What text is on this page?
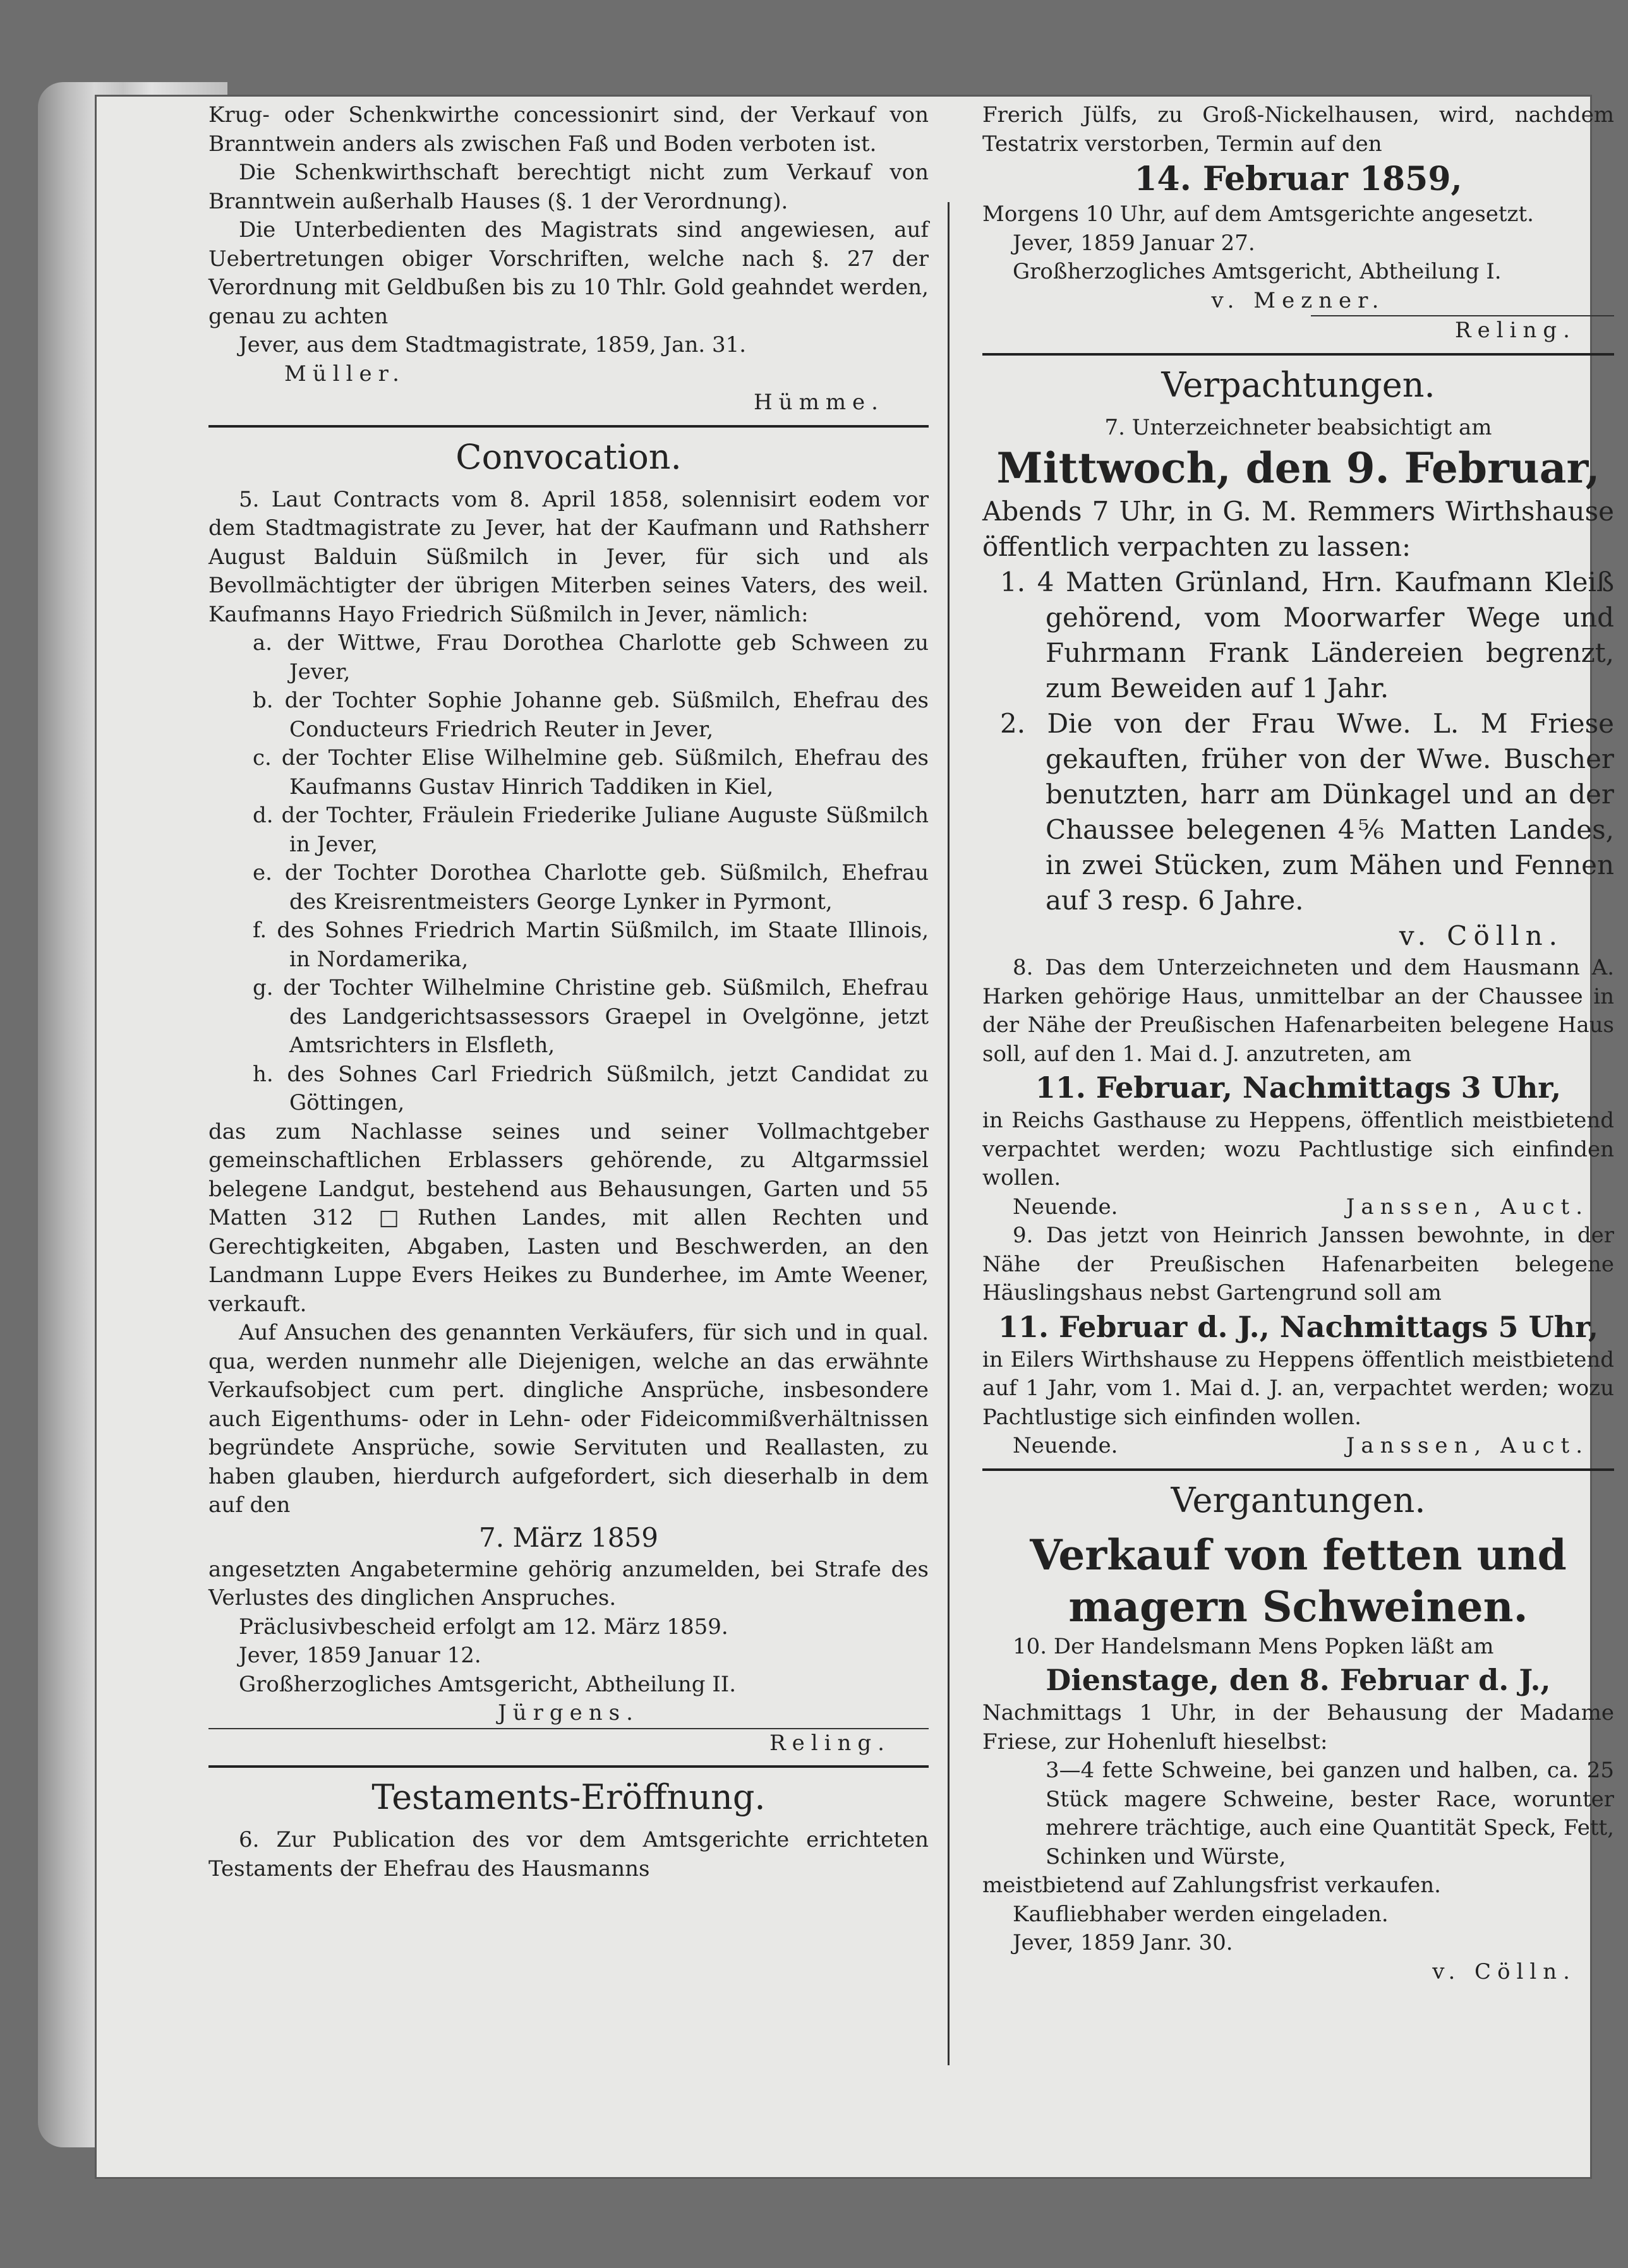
Krug- oder Schenkwirthe concessionirt sind, der Verkauf von Branntwein anders als zwischen Faß und Boden verboten ist.

Die Schenkwirthschaft berechtigt nicht zum Verkauf von Branntwein außerhalb Hauses (§. 1 der Verordnung).

Die Unterbedienten des Magistrats sind angewiesen, auf Uebertretungen obiger Vorschriften, welche nach §. 27 der Verordnung mit Geldbußen bis zu 10 Thlr. Gold geahndet werden, genau zu achten

Jever, aus dem Stadtmagistrate, 1859, Jan. 31.

Müller.

Hümme.

Convocation.

5. Laut Contracts vom 8. April 1858, solennisirt eodem vor dem Stadtmagistrate zu Jever, hat der Kaufmann und Rathsherr August Balduin Süßmilch in Jever, für sich und als Bevollmächtigter der übrigen Miterben seines Vaters, des weil. Kaufmanns Hayo Friedrich Süßmilch in Jever, nämlich:

a. der Wittwe, Frau Dorothea Charlotte geb Schween zu Jever,

b. der Tochter Sophie Johanne geb. Süßmilch, Ehefrau des Conducteurs Friedrich Reuter in Jever,

c. der Tochter Elise Wilhelmine geb. Süßmilch, Ehefrau des Kaufmanns Gustav Hinrich Taddiken in Kiel,

d. der Tochter, Fräulein Friederike Juliane Auguste Süßmilch in Jever,

e. der Tochter Dorothea Charlotte geb. Süßmilch, Ehefrau des Kreisrentmeisters George Lynker in Pyrmont,

f. des Sohnes Friedrich Martin Süßmilch, im Staate Illinois, in Nordamerika,

g. der Tochter Wilhelmine Christine geb. Süßmilch, Ehefrau des Landgerichtsassessors Graepel in Ovelgönne, jetzt Amtsrichters in Elsfleth,

h. des Sohnes Carl Friedrich Süßmilch, jetzt Candidat zu Göttingen,

das zum Nachlasse seines und seiner Vollmachtgeber gemeinschaftlichen Erblassers gehörende, zu Altgarmssiel belegene Landgut, bestehend aus Behausungen, Garten und 55 Matten 312 □Ruthen Landes, mit allen Rechten und Gerechtigkeiten, Abgaben, Lasten und Beschwerden, an den Landmann Luppe Evers Heikes zu Bunderhee, im Amte Weener, verkauft.

Auf Ansuchen des genannten Verkäufers, für sich und in qual. qua, werden nunmehr alle Diejenigen, welche an das erwähnte Verkaufsobject cum pert. dingliche Ansprüche, insbesondere auch Eigenthums- oder in Lehn- oder Fideicommißverhältnissen begründete Ansprüche, sowie Servituten und Reallasten, zu haben glauben, hierdurch aufgefordert, sich dieserhalb in dem auf den

7. März 1859

angesetzten Angabetermine gehörig anzumelden, bei Strafe des Verlustes des dinglichen Anspruches.

Präclusivbescheid erfolgt am 12. März 1859.

Jever, 1859 Januar 12.

Großherzogliches Amtsgericht, Abtheilung II.

Jürgens.

Reling.

Testaments-Eröffnung.

6. Zur Publication des vor dem Amtsgerichte errichteten Testaments der Ehefrau des Hausmanns

Frerich Jülfs, zu Groß-Nickelhausen, wird, nachdem Testatrix verstorben, Termin auf den

14. Februar 1859,

Morgens 10 Uhr, auf dem Amtsgerichte angesetzt.

Jever, 1859 Januar 27.

Großherzogliches Amtsgericht, Abtheilung I.

v. Mezner.

Reling.

Verpachtungen.

7. Unterzeichneter beabsichtigt am

Mittwoch, den 9. Februar,

Abends 7 Uhr, in G. M. Remmers Wirthshause öffentlich verpachten zu lassen:

1. 4 Matten Grünland, Hrn. Kaufmann Kleiß gehörend, vom Moorwarfer Wege und Fuhrmann Frank Ländereien begrenzt, zum Beweiden auf 1 Jahr.

2. Die von der Frau Wwe. L. M Friese gekauften, früher von der Wwe. Buscher benutzten, harr am Dünkagel und an der Chaussee belegenen 4⅚ Matten Landes, in zwei Stücken, zum Mähen und Fennen auf 3 resp. 6 Jahre.

v. Cölln.

8. Das dem Unterzeichneten und dem Hausmann A. Harken gehörige Haus, unmittelbar an der Chaussee in der Nähe der Preußischen Hafenarbeiten belegene Haus soll, auf den 1. Mai d. J. anzutreten, am

11. Februar, Nachmittags 3 Uhr,

in Reichs Gasthause zu Heppens, öffentlich meistbietend verpachtet werden; wozu Pachtlustige sich einfinden wollen.

Neuende.	Janssen, Auct.

9. Das jetzt von Heinrich Janssen bewohnte, in der Nähe der Preußischen Hafenarbeiten belegene Häuslingshaus nebst Gartengrund soll am

11. Februar d. J., Nachmittags 5 Uhr,

in Eilers Wirthshause zu Heppens öffentlich meistbietend auf 1 Jahr, vom 1. Mai d. J. an, verpachtet werden; wozu Pachtlustige sich einfinden wollen.

Neuende.	Janssen, Auct.

Vergantungen.

Verkauf von fetten und magern Schweinen.

10. Der Handelsmann Mens Popken läßt am

Dienstage, den 8. Februar d. J.,

Nachmittags 1 Uhr, in der Behausung der Madame Friese, zur Hohenluft hieselbst:

3—4 fette Schweine, bei ganzen und halben, ca. 25 Stück magere Schweine, bester Race, worunter mehrere trächtige, auch eine Quantität Speck, Fett, Schinken und Würste,

meistbietend auf Zahlungsfrist verkaufen.

Kaufliebhaber werden eingeladen.

Jever, 1859 Janr. 30.

v. Cölln.
